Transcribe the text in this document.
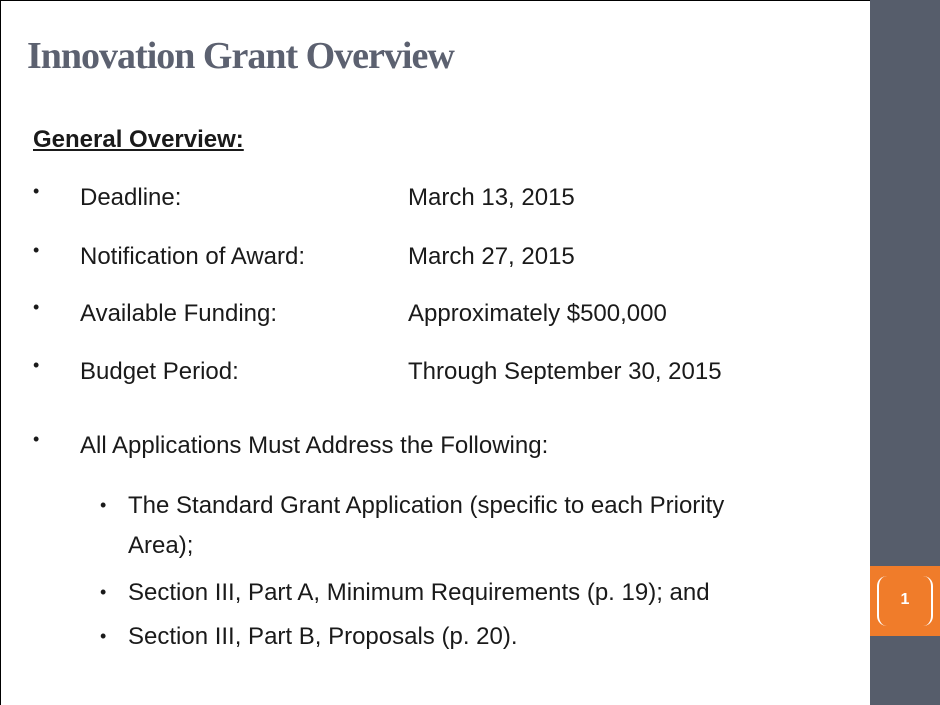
Innovation Grant Overview
General Overview:
• Deadline:	March 13, 2015
• Notification of Award:	March 27, 2015
• Available Funding:	Approximately $500,000
• Budget Period:	Through September 30, 2015
• All Applications Must Address the Following:
• The Standard Grant Application (specific to each Priority Area);
• Section III, Part A, Minimum Requirements (p. 19); and
• Section III, Part B, Proposals (p. 20).
1
